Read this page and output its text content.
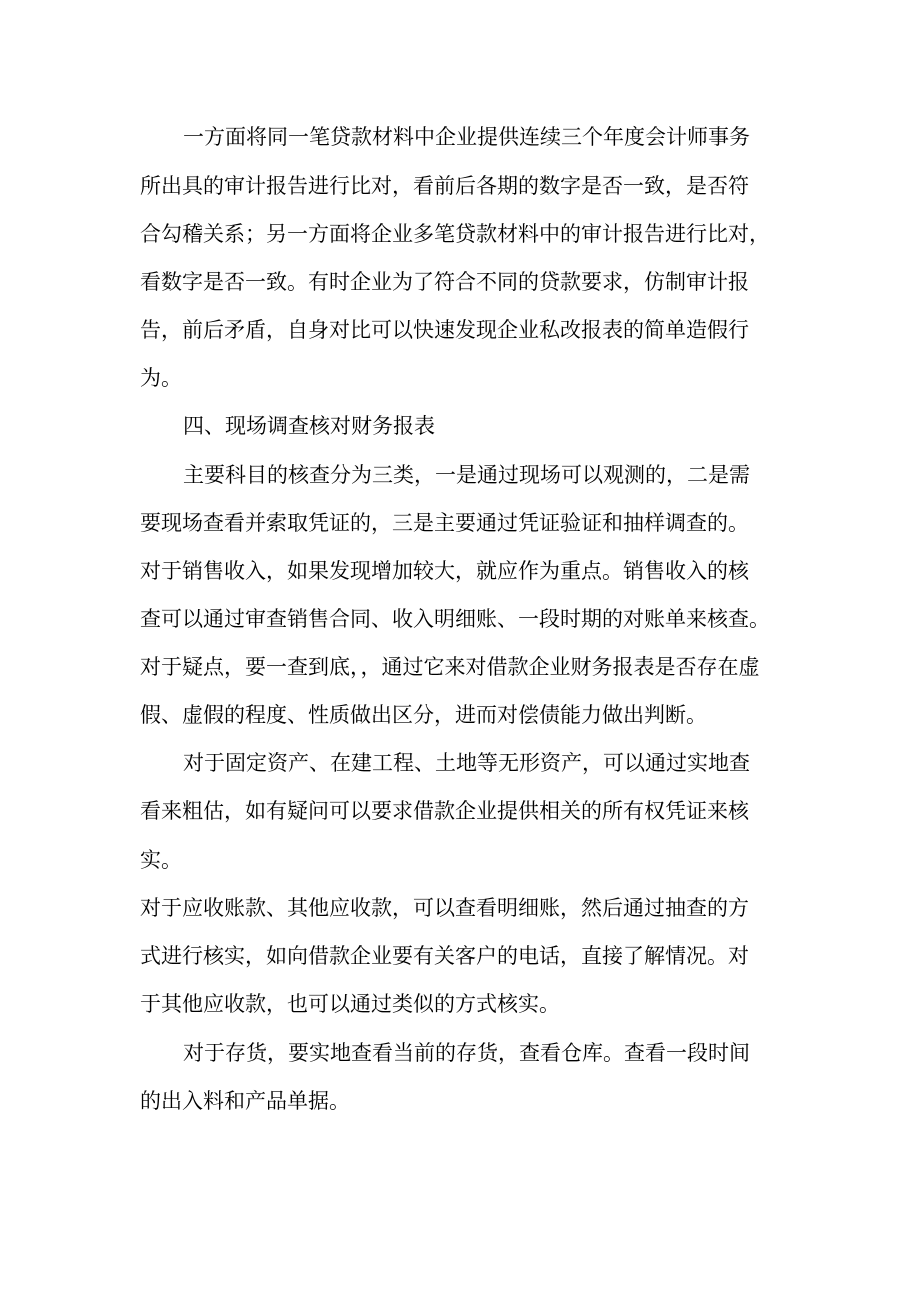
一方面将同一笔贷款材料中企业提供连续三个年度会计师事务

所出具的审计报告进行比对，看前后各期的数字是否一致，是否符

合勾稽关系；另一方面将企业多笔贷款材料中的审计报告进行比对，

看数字是否一致。有时企业为了符合不同的贷款要求，仿制审计报

告，前后矛盾，自身对比可以快速发现企业私改报表的简单造假行

为。

四、现场调查核对财务报表

主要科目的核查分为三类，一是通过现场可以观测的，二是需

要现场查看并索取凭证的，三是主要通过凭证验证和抽样调查的。

对于销售收入，如果发现增加较大，就应作为重点。销售收入的核

查可以通过审查销售合同、收入明细账、一段时期的对账单来核查。

对于疑点，要一查到底，，通过它来对借款企业财务报表是否存在虚

假、虚假的程度、性质做出区分，进而对偿债能力做出判断。

对于固定资产、在建工程、土地等无形资产，可以通过实地查

看来粗估，如有疑问可以要求借款企业提供相关的所有权凭证来核

实。

对于应收账款、其他应收款，可以查看明细账，然后通过抽查的方

式进行核实，如向借款企业要有关客户的电话，直接了解情况。对

于其他应收款，也可以通过类似的方式核实。

对于存货，要实地查看当前的存货，查看仓库。查看一段时间

的出入料和产品单据。
